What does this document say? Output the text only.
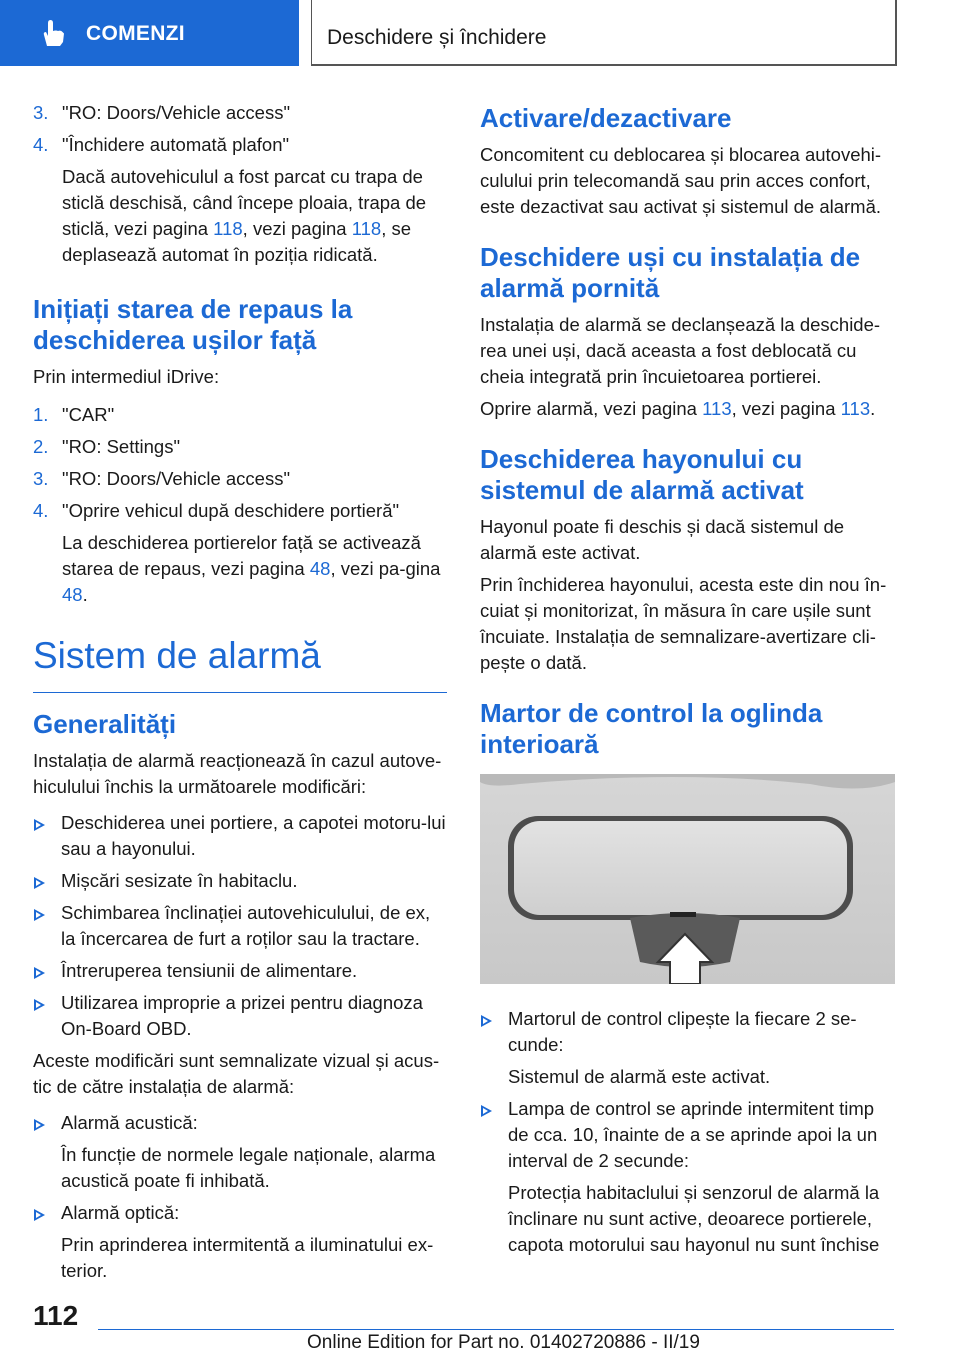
COMENZI	Deschidere și închidere
3. "RO: Doors/Vehicle access"
4. "Închidere automată plafon"
Dacă autovehiculul a fost parcat cu trapa de sticlă deschisă, când începe ploaia, trapa de sticlă, vezi pagina 118, vezi pagina 118, se deplasează automat în poziția ridicată.
Inițiați starea de repaus la deschiderea ușilor față

Prin intermediul iDrive:

1. "CAR"
2. "RO: Settings"
3. "RO: Doors/Vehicle access"
4. "Oprire vehicul după deschidere portieră"
La deschiderea portierelor față se activează starea de repaus, vezi pagina 48, vezi pa-gina 48.
Sistem de alarmă
Generalități

Instalația de alarmă reacționează în cazul autove-hiculului închis la următoarele modificări:

Deschiderea unei portiere, a capotei motoru-lui sau a hayonului.
Mișcări sesizate în habitaclu.
Schimbarea înclinației autovehiculului, de ex, la încercarea de furt a roților sau la tractare.
Întreruperea tensiunii de alimentare.
Utilizarea improprie a prizei pentru diagnoza On-Board OBD.

Aceste modificări sunt semnalizate vizual și acus-tic de către instalația de alarmă:

Alarmă acustică:
În funcție de normele legale naționale, alarma acustică poate fi inhibată.
Alarmă optică:
Prin aprinderea intermitentă a iluminatului ex-terior.
Activare/dezactivare

Concomitent cu deblocarea și blocarea autovehi-culului prin telecomandă sau prin acces confort, este dezactivat sau activat și sistemul de alarmă.

Deschidere uși cu instalația de alarmă pornită

Instalația de alarmă se declanșează la deschide-rea unei uși, dacă aceasta a fost deblocată cu cheia integrată prin încuietoarea portierei.

Oprire alarmă, vezi pagina 113, vezi pagina 113.

Deschiderea hayonului cu sistemul de alarmă activat

Hayonul poate fi deschis și dacă sistemul de alarmă este activat.

Prin închiderea hayonului, acesta este din nou în-cuiat și monitorizat, în măsura în care ușile sunt încuiate. Instalația de semnalizare-avertizare cli-pește o dată.

Martor de control la oglinda interioară
Martorul de control clipește la fiecare 2 se-cunde:
Sistemul de alarmă este activat.
Lampa de control se aprinde intermitent timp de cca. 10, înainte de a se aprinde apoi la un interval de 2 secunde:
Protecția habitaclului și senzorul de alarmă la înclinare nu sunt active, deoarece portierele, capota motorului sau hayonul nu sunt închise
112
Online Edition for Part no. 01402720886 - II/19
